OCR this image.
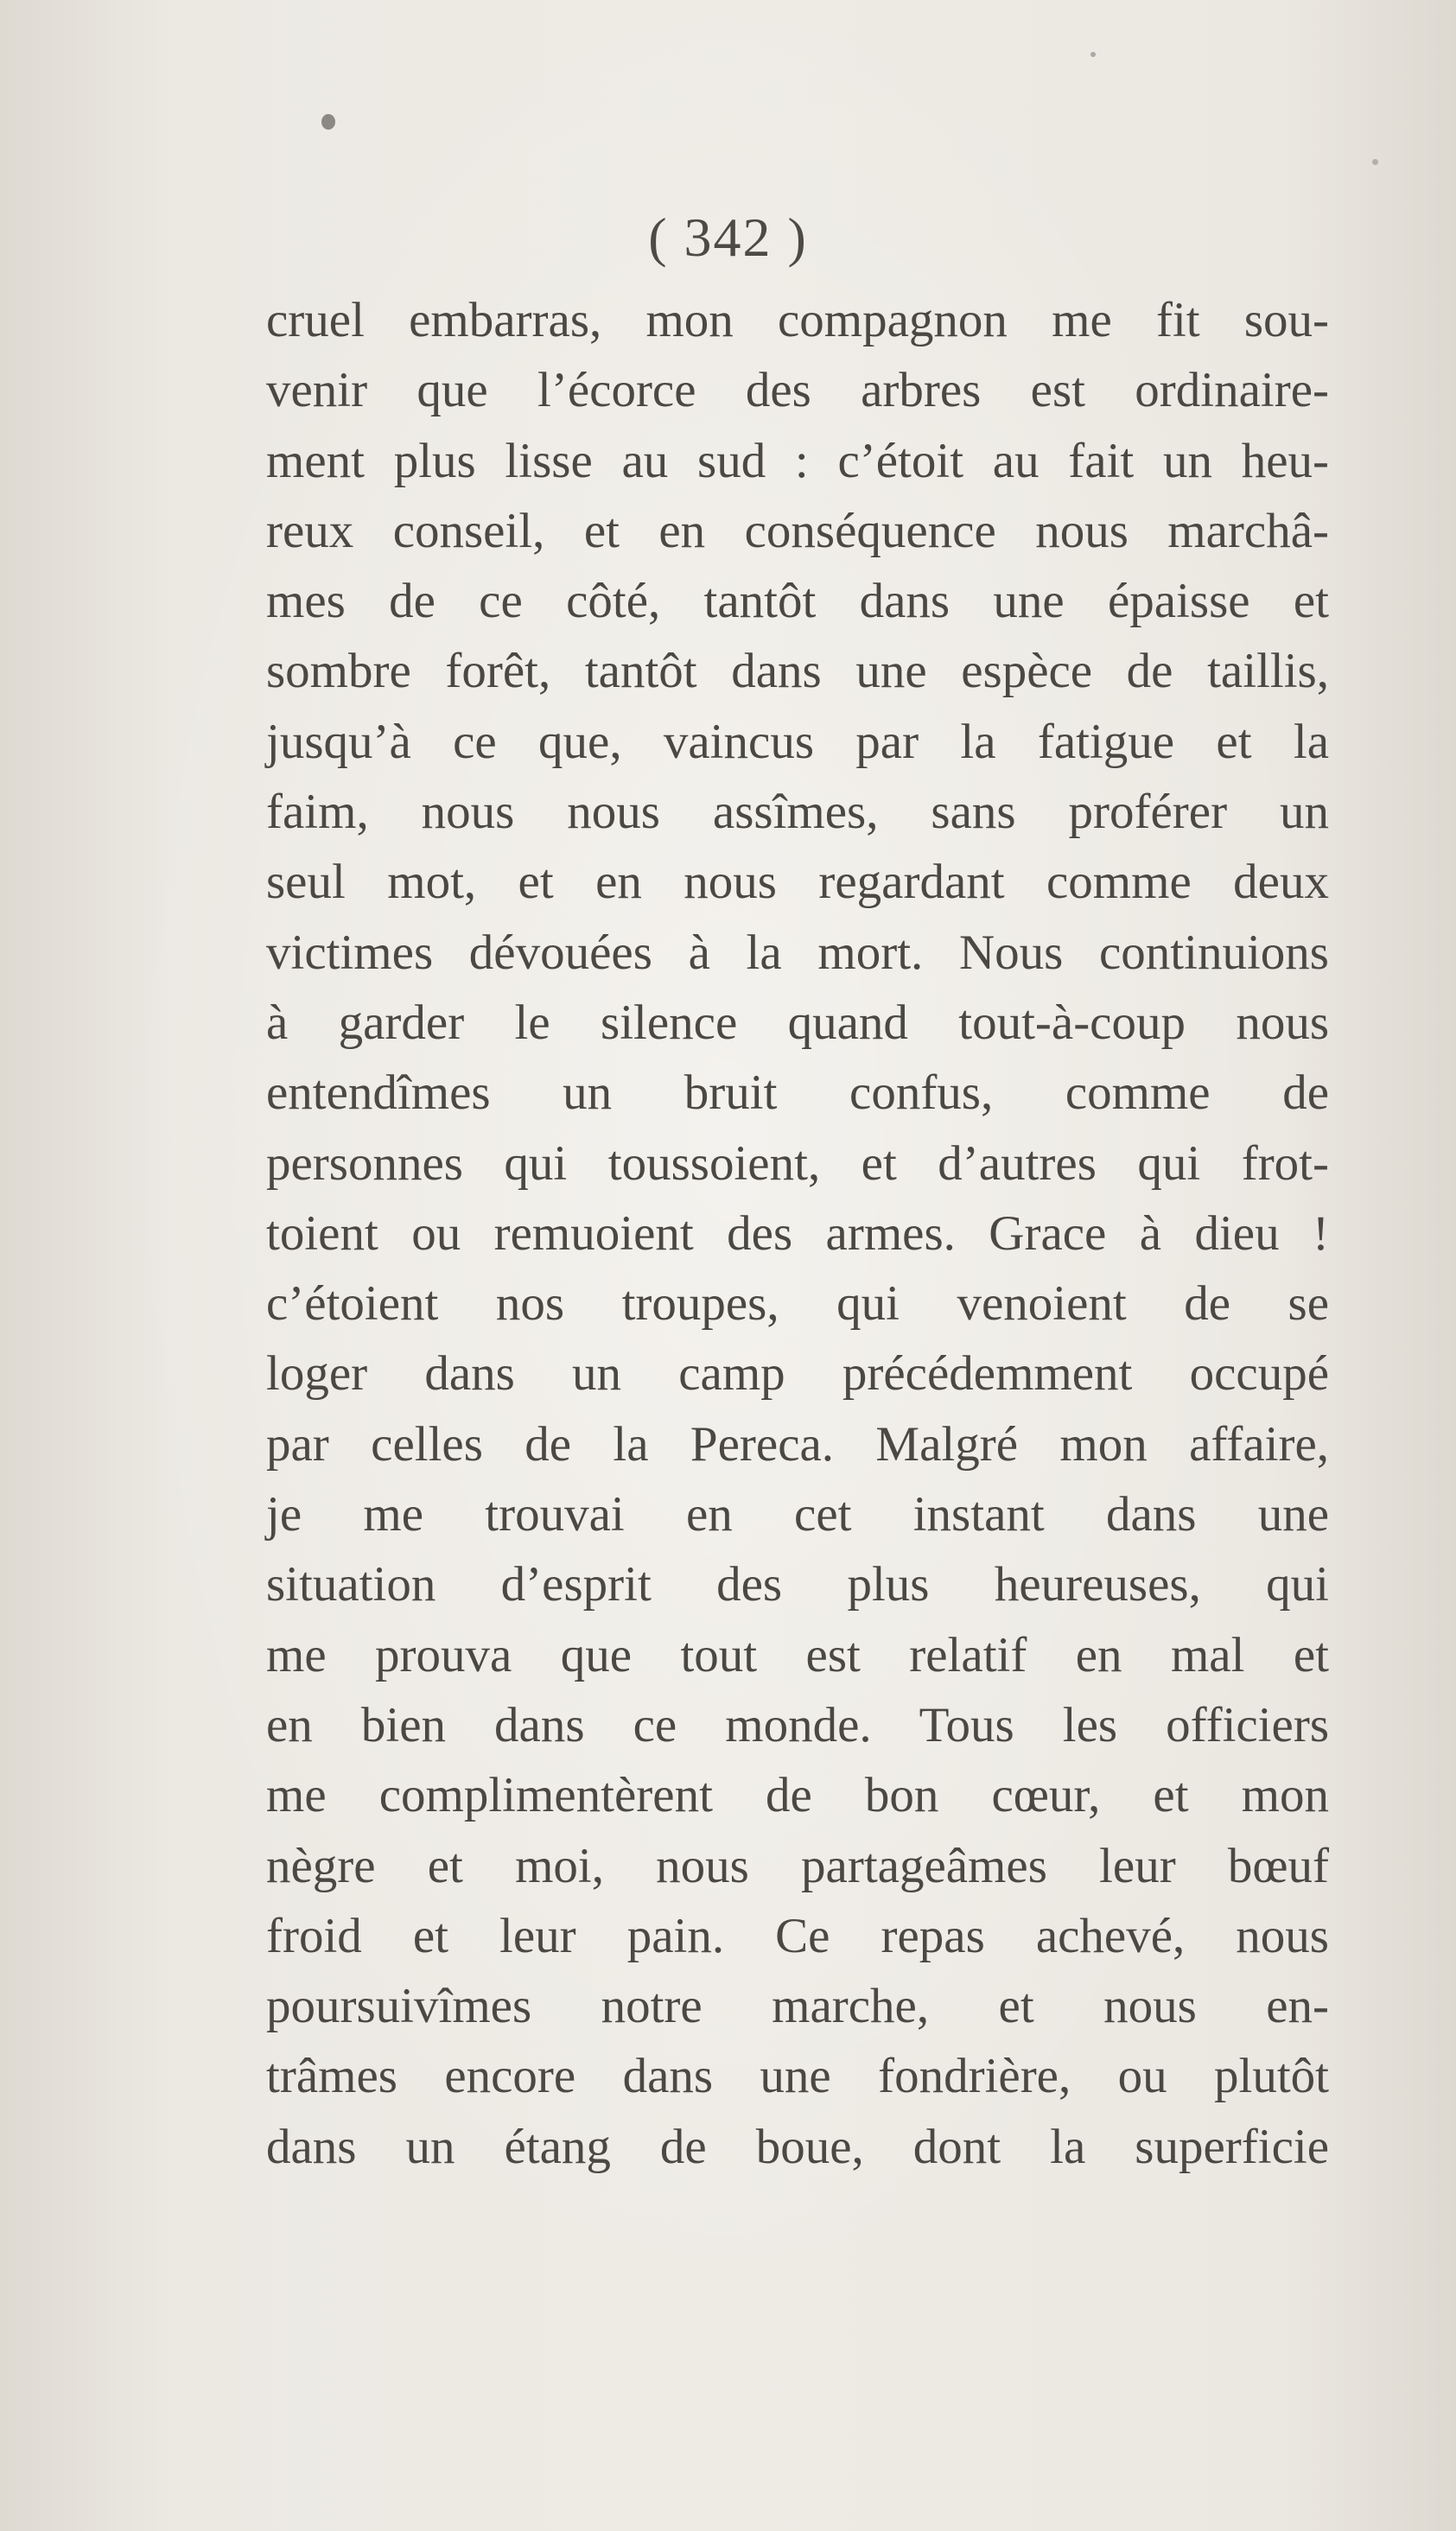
( 342 )
cruel embarras, mon compagnon me fit sou-
venir que l’écorce des arbres est ordinaire-
ment plus lisse au sud : c’étoit au fait un heu-
reux conseil, et en conséquence nous marchâ-
mes de ce côté, tantôt dans une épaisse et
sombre forêt, tantôt dans une espèce de taillis,
jusqu’à ce que, vaincus par la fatigue et la
faim, nous nous assîmes, sans proférer un
seul mot, et en nous regardant comme deux
victimes dévouées à la mort. Nous continuions
à garder le silence quand tout-à-coup nous
entendîmes un bruit confus, comme de
personnes qui toussoient, et d’autres qui frot-
toient ou remuoient des armes. Grace à dieu !
c’étoient nos troupes, qui venoient de se
loger dans un camp précédemment occupé
par celles de la Pereca. Malgré mon affaire,
je me trouvai en cet instant dans une
situation d’esprit des plus heureuses, qui
me prouva que tout est relatif en mal et
en bien dans ce monde. Tous les officiers
me complimentèrent de bon cœur, et mon
nègre et moi, nous partageâmes leur bœuf
froid et leur pain. Ce repas achevé, nous
poursuivîmes notre marche, et nous en-
trâmes encore dans une fondrière, ou plutôt
dans un étang de boue, dont la superficie
